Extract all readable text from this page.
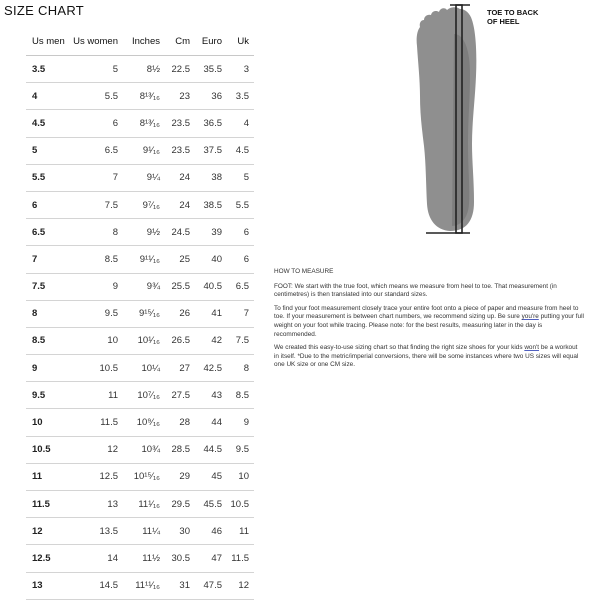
SIZE CHART
Us men	Us women	Inches	Cm	Euro	Uk
3.5	5	8½	22.5	35.5	3
4	5.5	8¹³⁄₁₆	23	36	3.5
4.5	6	8¹³⁄₁₆	23.5	36.5	4
5	6.5	9¹⁄₁₆	23.5	37.5	4.5
5.5	7	9¼	24	38	5
6	7.5	9⁷⁄₁₆	24	38.5	5.5
6.5	8	9½	24.5	39	6
7	8.5	9¹¹⁄₁₆	25	40	6
7.5	9	9¾	25.5	40.5	6.5
8	9.5	9¹⁵⁄₁₆	26	41	7
8.5	10	10¹⁄₁₆	26.5	42	7.5
9	10.5	10¼	27	42.5	8
9.5	11	10⁷⁄₁₆	27.5	43	8.5
10	11.5	10⁹⁄₁₆	28	44	9
10.5	12	10¾	28.5	44.5	9.5
11	12.5	10¹⁵⁄₁₆	29	45	10
11.5	13	11¹⁄₁₆	29.5	45.5	10.5
12	13.5	11¼	30	46	11
12.5	14	11½	30.5	47	11.5
13	14.5	11¹¹⁄₁₆	31	47.5	12
TOE TO BACK OF HEEL
HOW TO MEASURE

FOOT: We start with the true foot, which means we measure from heel to toe. That measurement (in centimetres) is then translated into our standard sizes.

To find your foot measurement closely trace your entire foot onto a piece of paper and measure from heel to toe. If your measurement is between chart numbers, we recommend sizing up. Be sure you're putting your full weight on your foot while tracing. Please note: for the best results, measuring later in the day is recommended.

We created this easy-to-use sizing chart so that finding the right size shoes for your kids won't be a workout in itself. *Due to the metric/imperial conversions, there will be some instances where two US sizes will equal one UK size or one CM size.
